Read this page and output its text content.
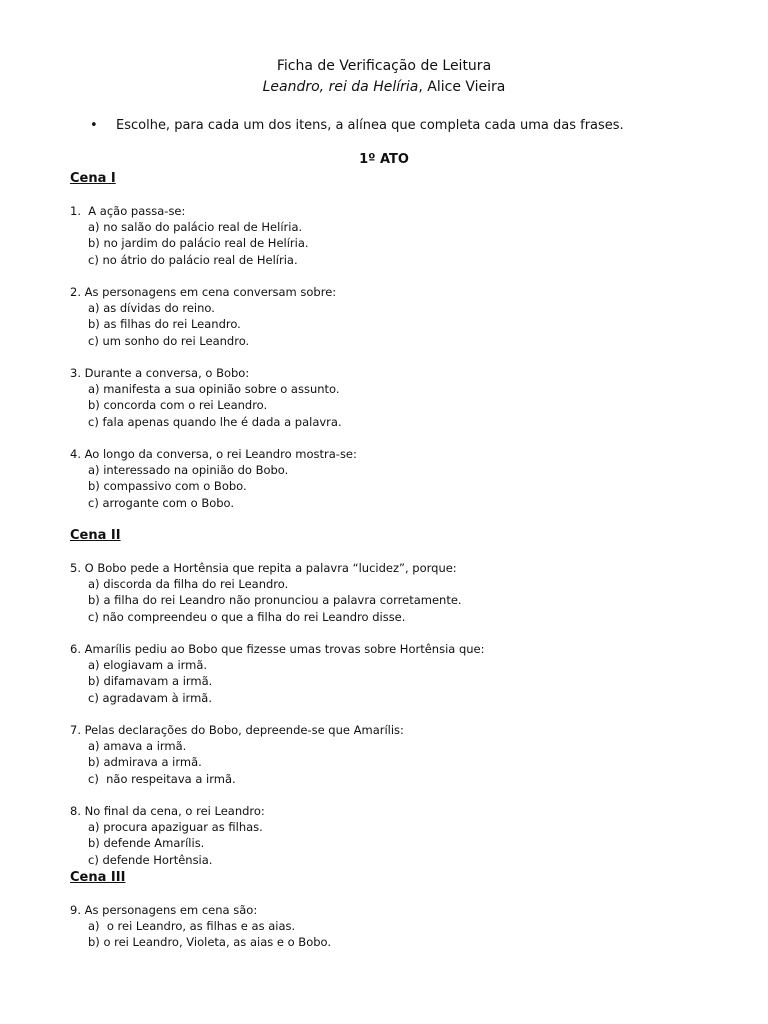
Ficha de Verificação de Leitura
Leandro, rei da Helíria, Alice Vieira
• Escolhe, para cada um dos itens, a alínea que completa cada uma das frases.
1º ATO
Cena I
1.  A ação passa-se:
a) no salão do palácio real de Helíria.
b) no jardim do palácio real de Helíria.
c) no átrio do palácio real de Helíria.
2. As personagens em cena conversam sobre:
a) as dívidas do reino.
b) as filhas do rei Leandro.
c) um sonho do rei Leandro.
3. Durante a conversa, o Bobo:
a) manifesta a sua opinião sobre o assunto.
b) concorda com o rei Leandro.
c) fala apenas quando lhe é dada a palavra.
4. Ao longo da conversa, o rei Leandro mostra-se:
a) interessado na opinião do Bobo.
b) compassivo com o Bobo.
c) arrogante com o Bobo.
Cena II
5. O Bobo pede a Hortênsia que repita a palavra “lucidez”, porque:
a) discorda da filha do rei Leandro.
b) a filha do rei Leandro não pronunciou a palavra corretamente.
c) não compreendeu o que a filha do rei Leandro disse.
6. Amarílis pediu ao Bobo que fizesse umas trovas sobre Hortênsia que:
a) elogiavam a irmã.
b) difamavam a irmã.
c) agradavam à irmã.
7. Pelas declarações do Bobo, depreende-se que Amarílis:
a) amava a irmã.
b) admirava a irmã.
c)  não respeitava a irmã.
8. No final da cena, o rei Leandro:
a) procura apaziguar as filhas.
b) defende Amarílis.
c) defende Hortênsia.
Cena III
9. As personagens em cena são:
a)  o rei Leandro, as filhas e as aias.
b) o rei Leandro, Violeta, as aias e o Bobo.
